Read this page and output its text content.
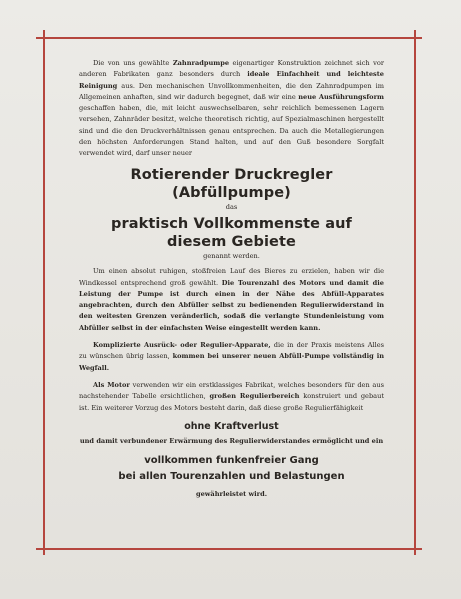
Die von uns gewählte Zahnradpumpe eigenartiger Konstruktion zeichnet sich vor anderen Fabrikaten ganz besonders durch ideale Einfachheit und leichteste Reinigung aus. Den mechanischen Unvollkommenheiten, die den Zahnradpumpen im Allgemeinen anhaften, sind wir dadurch begegnet, daß wir eine neue Ausführungsform geschaffen haben, die, mit leicht auswechselbaren, sehr reichlich bemessenen Lagern versehen, Zahnräder besitzt, welche theoretisch richtig, auf Spezialmaschinen hergestellt sind und die den Druckverhältnissen genau entsprechen. Da auch die Metallegierungen den höchsten Anforderungen Stand halten, und auf den Guß besondere Sorgfalt verwendet wird, darf unser neuer

Rotierender Druckregler (Abfüllpumpe)

das

praktisch Vollkommenste auf diesem Gebiete

genannt werden.

Um einen absolut ruhigen, stoßfreien Lauf des Bieres zu erzielen, haben wir die Windkessel entsprechend groß gewählt. Die Tourenzahl des Motors und damit die Leistung der Pumpe ist durch einen in der Nähe des Abfüll-Apparates angebrachten, durch den Abfüller selbst zu bedienenden Regulierwiderstand in den weitesten Grenzen veränderlich, sodaß die verlangte Stundenleistung vom Abfüller selbst in der einfachsten Weise eingestellt werden kann.

Komplizierte Ausrück- oder Regulier-Apparate, die in der Praxis meistens Alles zu wünschen übrig lassen, kommen bei unserer neuen Abfüll-Pumpe vollständig in Wegfall.

Als Motor verwenden wir ein erstklassiges Fabrikat, welches besonders für den aus nachstehender Tabelle ersichtlichen, großen Regulierbereich konstruiert und gebaut ist. Ein weiterer Vorzug des Motors besteht darin, daß diese große Regulierfähigkeit

ohne Kraftverlust

und damit verbundener Erwärmung des Regulierwiderstandes ermöglicht und ein

vollkommen funkenfreier Gang
bei allen Tourenzahlen und Belastungen

gewährleistet wird.
